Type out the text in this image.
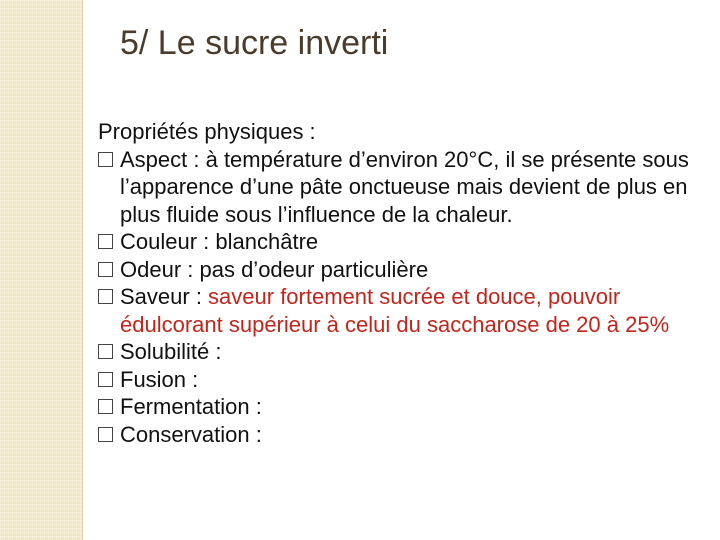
5/ Le sucre inverti

Propriétés physiques :

Aspect : à température d’environ 20°C, il se présente sous l’apparence d’une pâte onctueuse mais devient de plus en plus fluide sous l’influence de la chaleur.

Couleur : blanchâtre

Odeur : pas d’odeur particulière

Saveur : saveur fortement sucrée et douce, pouvoir édulcorant supérieur à celui du saccharose de 20 à 25%

Solubilité :

Fusion :

Fermentation :

Conservation :
